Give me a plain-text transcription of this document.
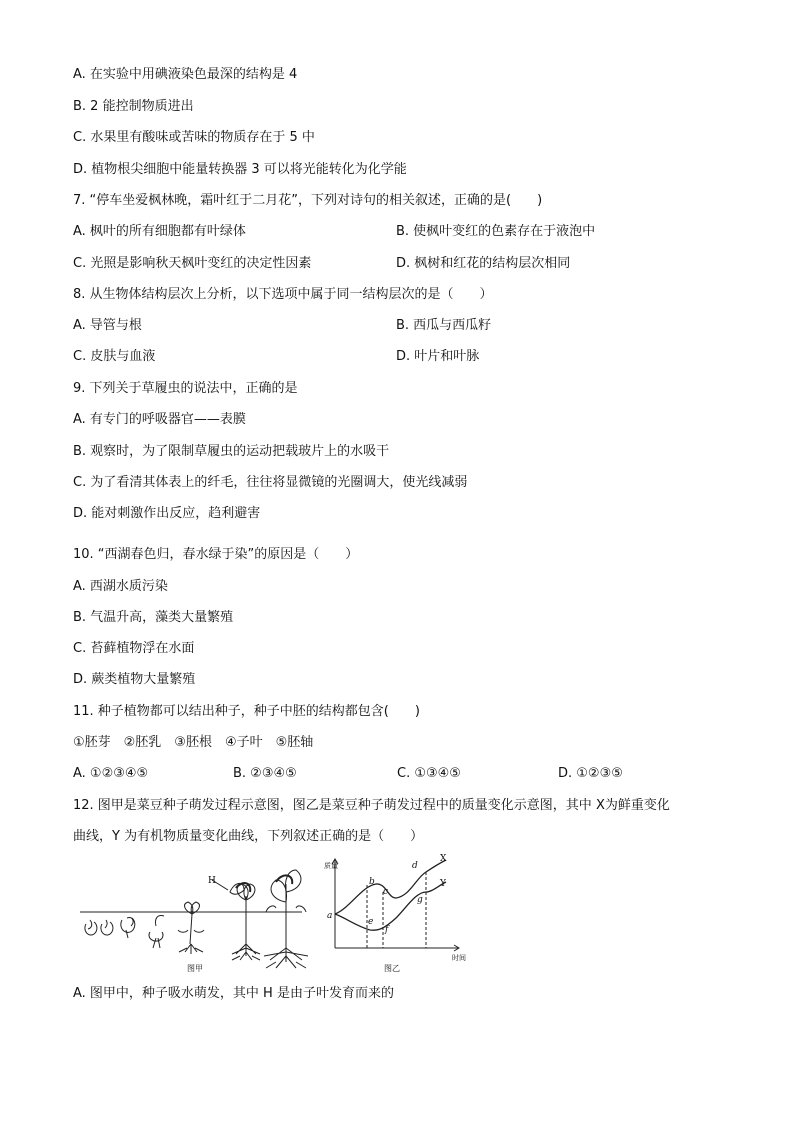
A. 在实验中用碘液染色最深的结构是 4
B. 2 能控制物质进出
C. 水果里有酸味或苦味的物质存在于 5 中
D. 植物根尖细胞中能量转换器 3 可以将光能转化为化学能
7. “停车坐爱枫林晚，霜叶红于二月花”，下列对诗句的相关叙述，正确的是(　　)
A. 枫叶的所有细胞都有叶绿体	B. 使枫叶变红的色素存在于液泡中
C. 光照是影响秋天枫叶变红的决定性因素	D. 枫树和红花的结构层次相同
8. 从生物体结构层次上分析，以下选项中属于同一结构层次的是（　　）
A. 导管与根	B. 西瓜与西瓜籽
C. 皮肤与血液	D. 叶片和叶脉
9. 下列关于草履虫的说法中，正确的是
A. 有专门的呼吸器官——表膜
B. 观察时，为了限制草履虫的运动把载玻片上的水吸干
C. 为了看清其体表上的纤毛，往往将显微镜的光圈调大，使光线减弱
D. 能对刺激作出反应，趋利避害
10. “西湖春色归，春水绿于染”的原因是（　　）
A. 西湖水质污染
B. 气温升高，藻类大量繁殖
C. 苔藓植物浮在水面
D. 蕨类植物大量繁殖
11. 种子植物都可以结出种子，种子中胚的结构都包含(　　)
①胚芽　②胚乳　③胚根　④子叶　⑤胚轴
A. ①②③④⑤	B. ②③④⑤	C. ①③④⑤	D. ①②③⑤
12. 图甲是菜豆种子萌发过程示意图，图乙是菜豆种子萌发过程中的质量变化示意图，其中 X为鲜重变化
曲线，Y 为有机物质量变化曲线，下列叙述正确的是（　　）
H
图甲
质量
时间
X
Y
a
b
c
d
e
f
g
图乙
A. 图甲中，种子吸水萌发，其中 H 是由子叶发育而来的
